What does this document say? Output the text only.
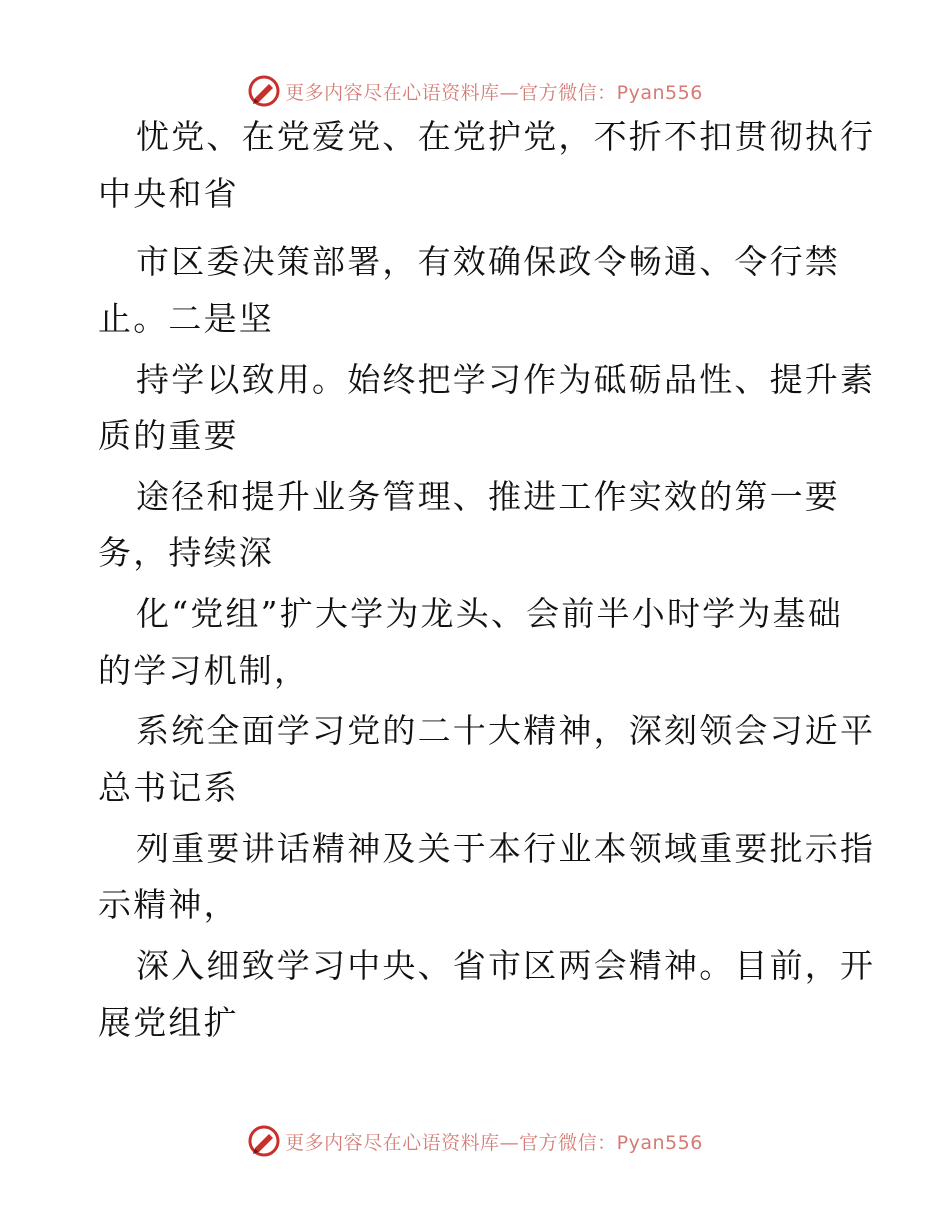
更多内容尽在心语资料库—官方微信：Pyan556
忧党、在党爱党、在党护党，不折不扣贯彻执行
中央和省
市区委决策部署，有效确保政令畅通、令行禁
止。二是坚
持学以致用。始终把学习作为砥砺品性、提升素
质的重要
途径和提升业务管理、推进工作实效的第一要
务，持续深
化“党组”扩大学为龙头、会前半小时学为基础
的学习机制，
系统全面学习党的二十大精神，深刻领会习近平
总书记系
列重要讲话精神及关于本行业本领域重要批示指
示精神，
深入细致学习中央、省市区两会精神。目前，开
展党组扩
更多内容尽在心语资料库—官方微信：Pyan556
